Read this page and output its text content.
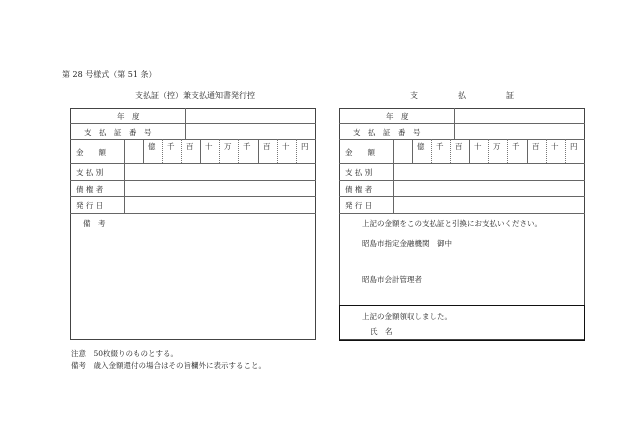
第 28 号様式（第 51 条）
支払証（控）兼支払通知書発行控
年　度
支　払　証　番　号
金　　額
億 千 百 十 万 千 百 十 円
支 払 別
債 権 者
発 行 日
備　考
支　　　　　払　　　　　証
年　度
支　払　証　番　号
金　　額
億 千 百 十 万 千 百 十 円
支 払 別
債 権 者
発 行 日
上記の金額をこの支払証と引換にお支払いください。
昭島市指定金融機関　御中
昭島市会計管理者
上記の金額領収しました。
氏　名
注意　50枚綴りのものとする。
備考　歳入金額還付の場合はその旨欄外に表示すること。
